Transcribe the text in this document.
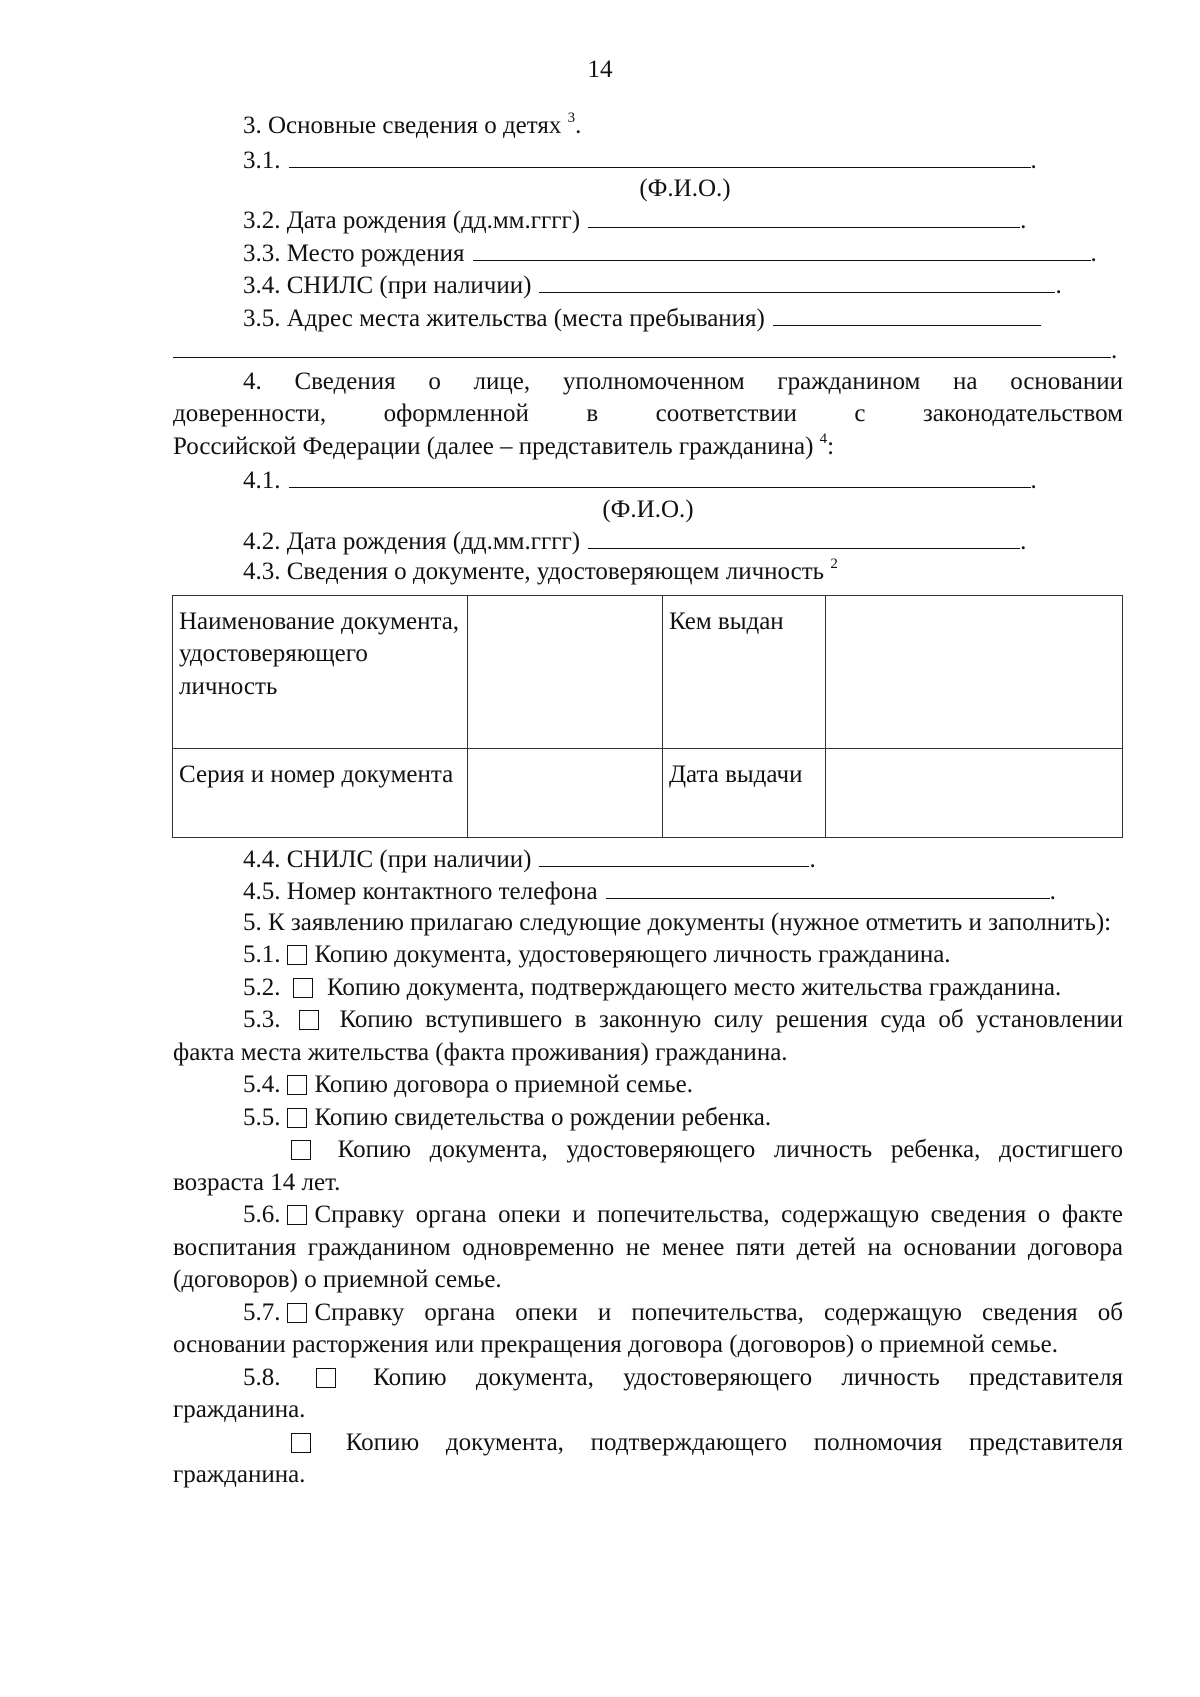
14
3. Основные сведения о детях $^3$.
3.1.	.
(Ф.И.О.)
3.2. Дата рождения (дд.мм.гггг)	.
3.3. Место рождения	.
3.4. СНИЛС (при наличии)	.
3.5. Адрес места жительства (места пребывания)
.
4. Сведения о лице, уполномоченном гражданином на основании
доверенности, оформленной в соответствии с законодательством
Российской Федерации (далее – представитель гражданина) $^4$:
4.1.	.
(Ф.И.О.)
4.2. Дата рождения (дд.мм.гггг)	.
4.3. Сведения о документе, удостоверяющем личность $^2$
Наименование документа, удостоверяющего личность		Кем выдан	
Серия и номер документа		Дата выдачи	
4.4. СНИЛС (при наличии)	.
4.5. Номер контактного телефона	.
5. К заявлению прилагаю следующие документы (нужное отметить и заполнить):
5.1. Копию документа, удостоверяющего личность гражданина.
5.2. Копию документа, подтверждающего место жительства гражданина.
5.3. Копию вступившего в законную силу решения суда об установлении факта места жительства (факта проживания) гражданина.
5.4. Копию договора о приемной семье.
5.5. Копию свидетельства о рождении ребенка.
Копию документа, удостоверяющего личность ребенка, достигшего возраста 14 лет.
5.6. Справку органа опеки и попечительства, содержащую сведения о факте воспитания гражданином одновременно не менее пяти детей на основании договора (договоров) о приемной семье.
5.7. Справку органа опеки и попечительства, содержащую сведения об основании расторжения или прекращения договора (договоров) о приемной семье.
5.8.	Копию документа, удостоверяющего личность представителя гражданина.
Копию документа, подтверждающего полномочия представителя гражданина.
